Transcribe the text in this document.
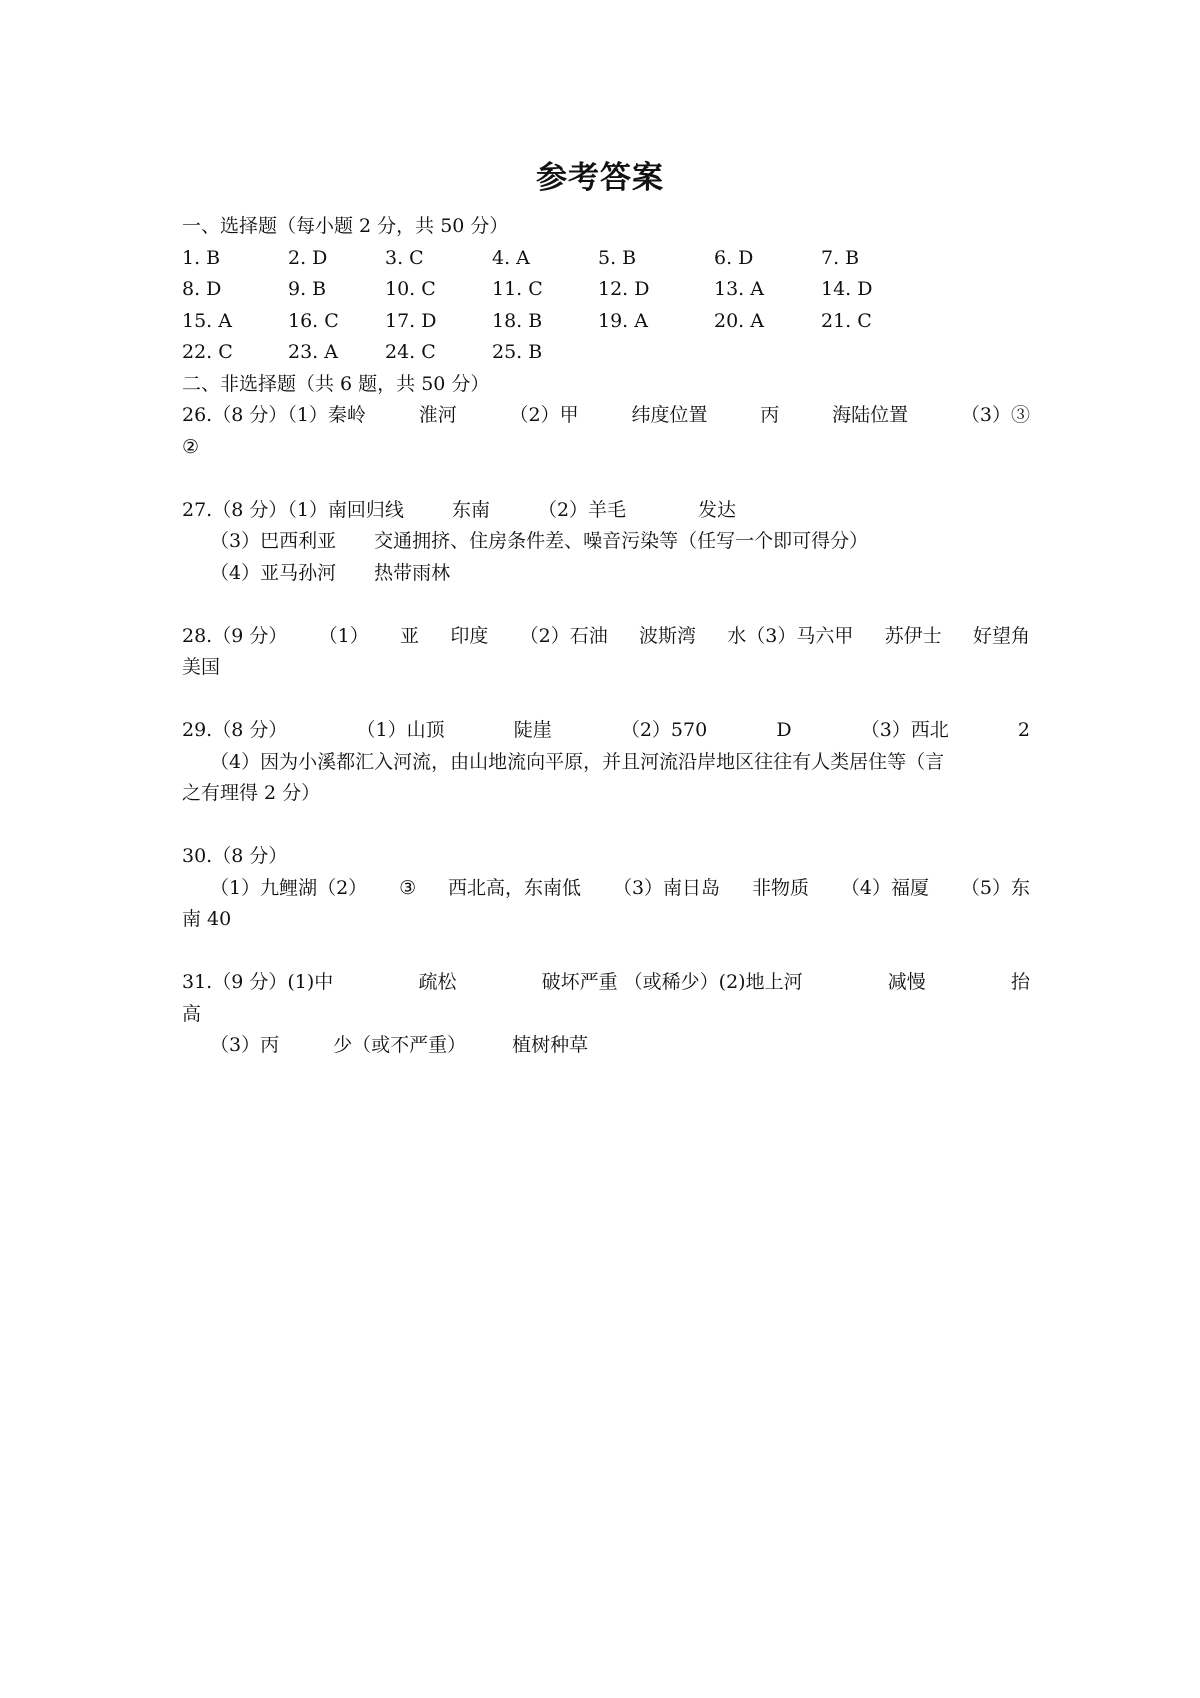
参考答案
一、选择题（每小题 2 分，共 50 分）
1. B	2. D	3. C	4. A	5. B	6. D	7. B
8. D	9. B	10. C	11. C	12. D	13. A	14. D
15. A	16. C 17. D	18. B	19. A	20. A	21. C
22. C	23. A 24. C	25. B
二、非选择题（共 6 题，共 50 分）
26.（8 分）（1）秦岭	淮河	（2）甲	纬度位置	丙	海陆位置	（3）③
②
27.（8 分）（1）南回归线	东南	（2）羊毛	发达
（3）巴西利亚 交通拥挤、住房条件差、噪音污染等（任写一个即可得分）
（4）亚马孙河 热带雨林
28.（9 分） （1） 亚 印度 （2）石油 波斯湾 水（3）马六甲 苏伊士 好望角
美国
29.（8 分）	（1）山顶	陡崖	（2）570	D	（3）西北	2
（4）因为小溪都汇入河流，由山地流向平原，并且河流沿岸地区往往有人类居住等（言
之有理得 2 分）
30.（8 分）
（1）九鲤湖（2） ③ 西北高，东南低 （3）南日岛 非物质 （4）福厦 （5）东
南 40
31.（9 分）(1)中	疏松	破坏严重 （或稀少）(2)地上河	减慢	抬
高
（3）丙	少（或不严重） 植树种草
